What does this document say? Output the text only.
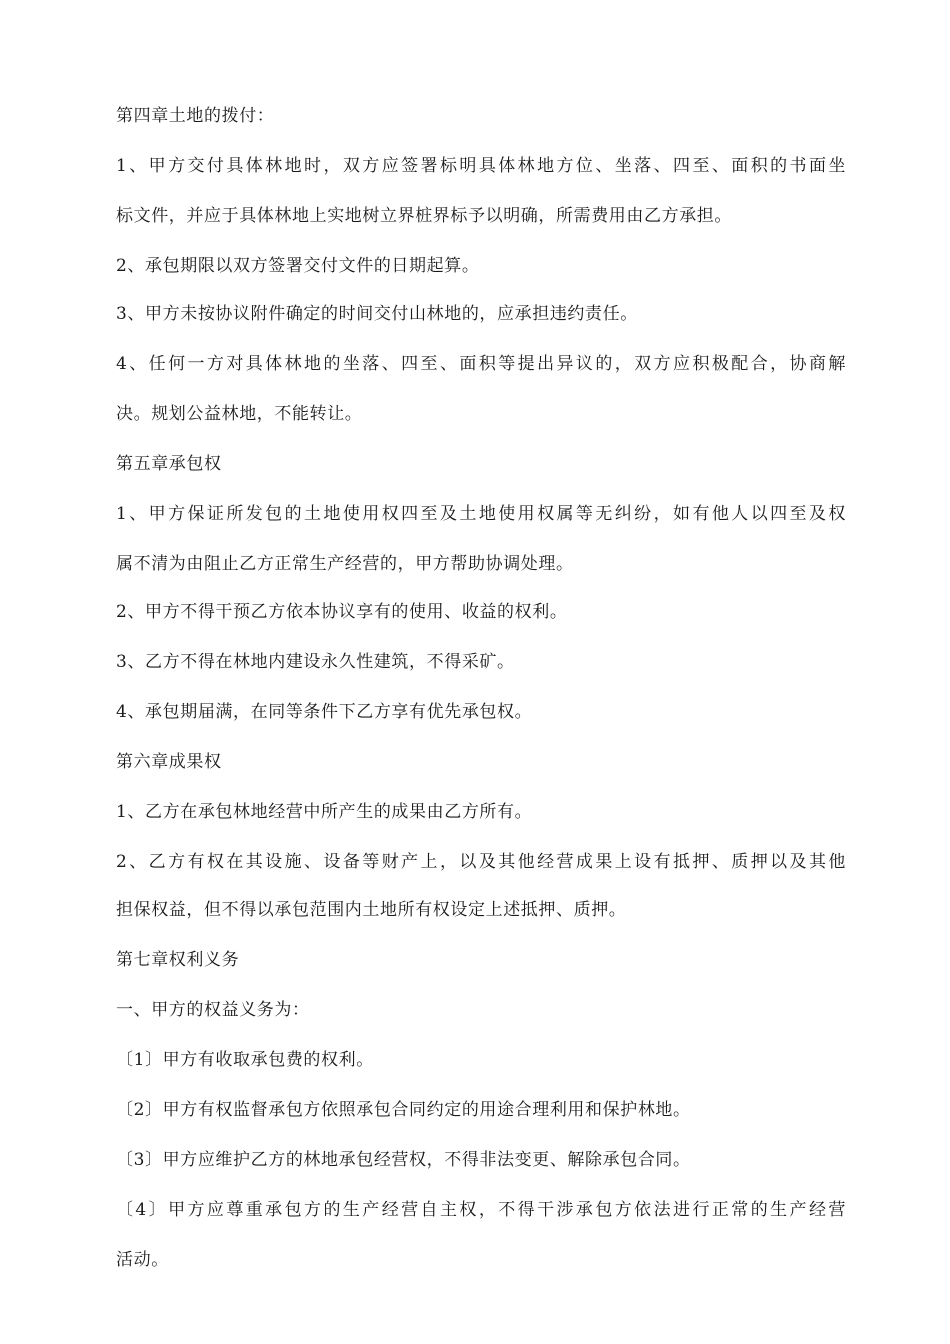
第四章土地的拨付：
1、甲方交付具体林地时，双方应签署标明具体林地方位、坐落、四至、面积的书面坐
标文件，并应于具体林地上实地树立界桩界标予以明确，所需费用由乙方承担。
2、承包期限以双方签署交付文件的日期起算。
3、甲方未按协议附件确定的时间交付山林地的，应承担违约责任。
4、任何一方对具体林地的坐落、四至、面积等提出异议的，双方应积极配合，协商解
决。规划公益林地，不能转让。
第五章承包权
1、甲方保证所发包的土地使用权四至及土地使用权属等无纠纷，如有他人以四至及权
属不清为由阻止乙方正常生产经营的，甲方帮助协调处理。
2、甲方不得干预乙方依本协议享有的使用、收益的权利。
3、乙方不得在林地内建设永久性建筑，不得采矿。
4、承包期届满，在同等条件下乙方享有优先承包权。
第六章成果权
1、乙方在承包林地经营中所产生的成果由乙方所有。
2、乙方有权在其设施、设备等财产上，以及其他经营成果上设有抵押、质押以及其他
担保权益，但不得以承包范围内土地所有权设定上述抵押、质押。
第七章权利义务
一、甲方的权益义务为：
〔1〕甲方有收取承包费的权利。
〔2〕甲方有权监督承包方依照承包合同约定的用途合理利用和保护林地。
〔3〕甲方应维护乙方的林地承包经营权，不得非法变更、解除承包合同。
〔4〕甲方应尊重承包方的生产经营自主权，不得干涉承包方依法进行正常的生产经营
活动。
